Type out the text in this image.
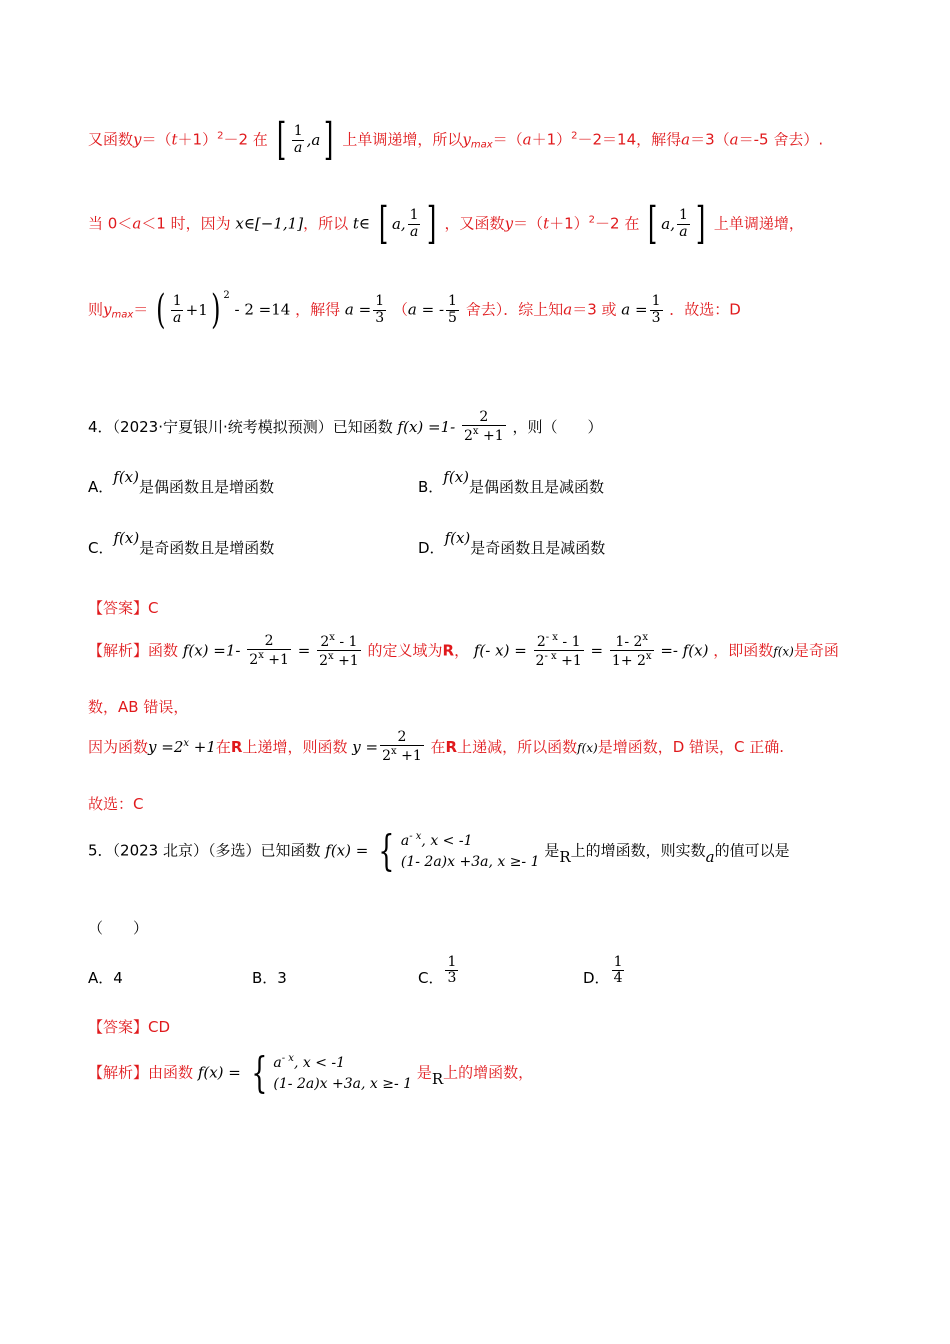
又函数$y=(t+1)^2-2$ 在 [ $\frac{1}{a} ,a$ ] 上单调递增，所以$y_{max}=(a+1)^2-2=14$，解得a＝3（a＝-5 舍去）.
当 0＜a＜1 时，因为 x∈[−1,1]，所以 t∈ [ a, $\frac{1}{a}$ ] ，又函数$y=(t+1)^2-2$ 在 [ a, $\frac{1}{a}$ ] 上单调递增，
则$y_{max}=$ ( $\frac{1}{a} +1$ ) 2
- 2 =14 ，解得 $a = \frac{1}{3} (a$ = - $\frac{1}{5}$ 舍去）．综上知a＝3 或 $a = \frac{1}{3}$ ．故选：D
4．（2023·宁夏银川·统考模拟预测）已知函数 $f(x) =1- \frac{2}{2^x +1}$ ，则（　　）
A．f(x)是偶函数且是增函数	B．f(x)是偶函数且是减函数
C．f(x)是奇函数且是增函数	D．f(x)是奇函数且是减函数
【答案】C
【解析】函数 $f(x) =1- \frac{2}{2^x +1} = \frac{2^x - 1}{2^x +1}$ 的定义域为R， f(- $x) = \frac{2^{- x} - 1}{2^{- x} +1} = \frac{1- 2^x}{1+ 2^x} =- f(x)$ ，即函数f(x)是奇函
数，AB 错误，
因为函数$y =2^x +1$在R上递增，则函数 $y = \frac{2}{2^x +1}$ 在R上递减，所以函数f(x)是增函数，D 错误，C 正确.
故选：C
5．（2023 北京）（多选）已知函数 f(x) = { $a^{- x}$, x < -1
(1- 2a)x +3a, x ≥- 1
是R上的增函数，则实数a的值可以是
（　　）
A．4	B．3	C． $\frac{1}{3}$	D． $\frac{1}{4}$
【答案】CD
【解析】由函数 f(x) = { $a^{- x}$, x < -1
(1- 2a)x +3a, x ≥- 1
是R上的增函数，
